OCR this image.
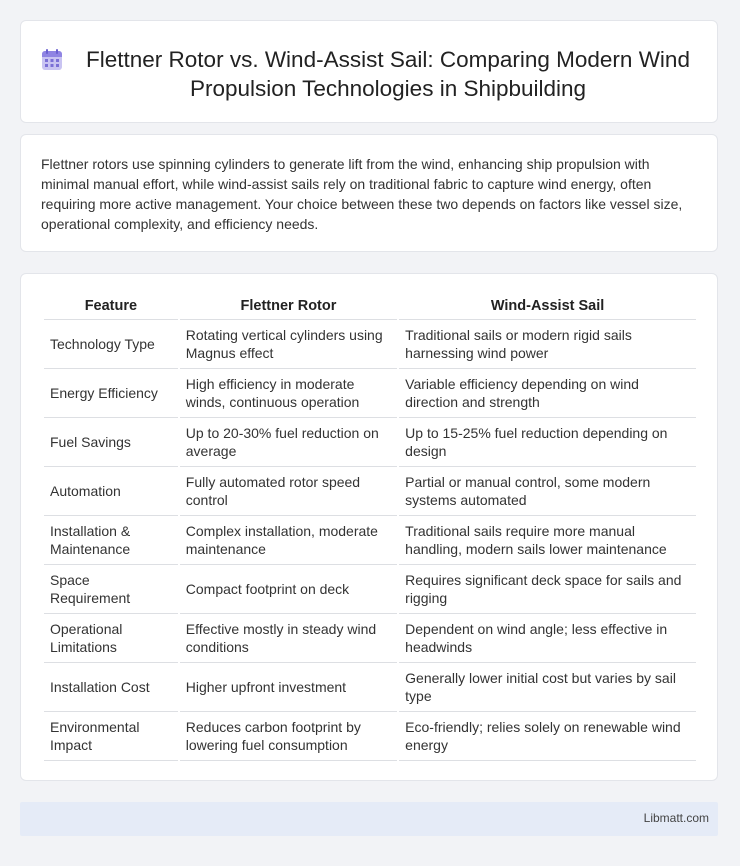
Flettner Rotor vs. Wind-Assist Sail: Comparing Modern Wind Propulsion Technologies in Shipbuilding

Flettner rotors use spinning cylinders to generate lift from the wind, enhancing ship propulsion with minimal manual effort, while wind-assist sails rely on traditional fabric to capture wind energy, often requiring more active management. Your choice between these two depends on factors like vessel size, operational complexity, and efficiency needs.

Feature	Flettner Rotor	Wind-Assist Sail
Technology Type	Rotating vertical cylinders using Magnus effect	Traditional sails or modern rigid sails harnessing wind power
Energy Efficiency	High efficiency in moderate winds, continuous operation	Variable efficiency depending on wind direction and strength
Fuel Savings	Up to 20-30% fuel reduction on average	Up to 15-25% fuel reduction depending on design
Automation	Fully automated rotor speed control	Partial or manual control, some modern systems automated
Installation & Maintenance	Complex installation, moderate maintenance	Traditional sails require more manual handling, modern sails lower maintenance
Space Requirement	Compact footprint on deck	Requires significant deck space for sails and rigging
Operational Limitations	Effective mostly in steady wind conditions	Dependent on wind angle; less effective in headwinds
Installation Cost	Higher upfront investment	Generally lower initial cost but varies by sail type
Environmental Impact	Reduces carbon footprint by lowering fuel consumption	Eco-friendly; relies solely on renewable wind energy
Libmatt.com
